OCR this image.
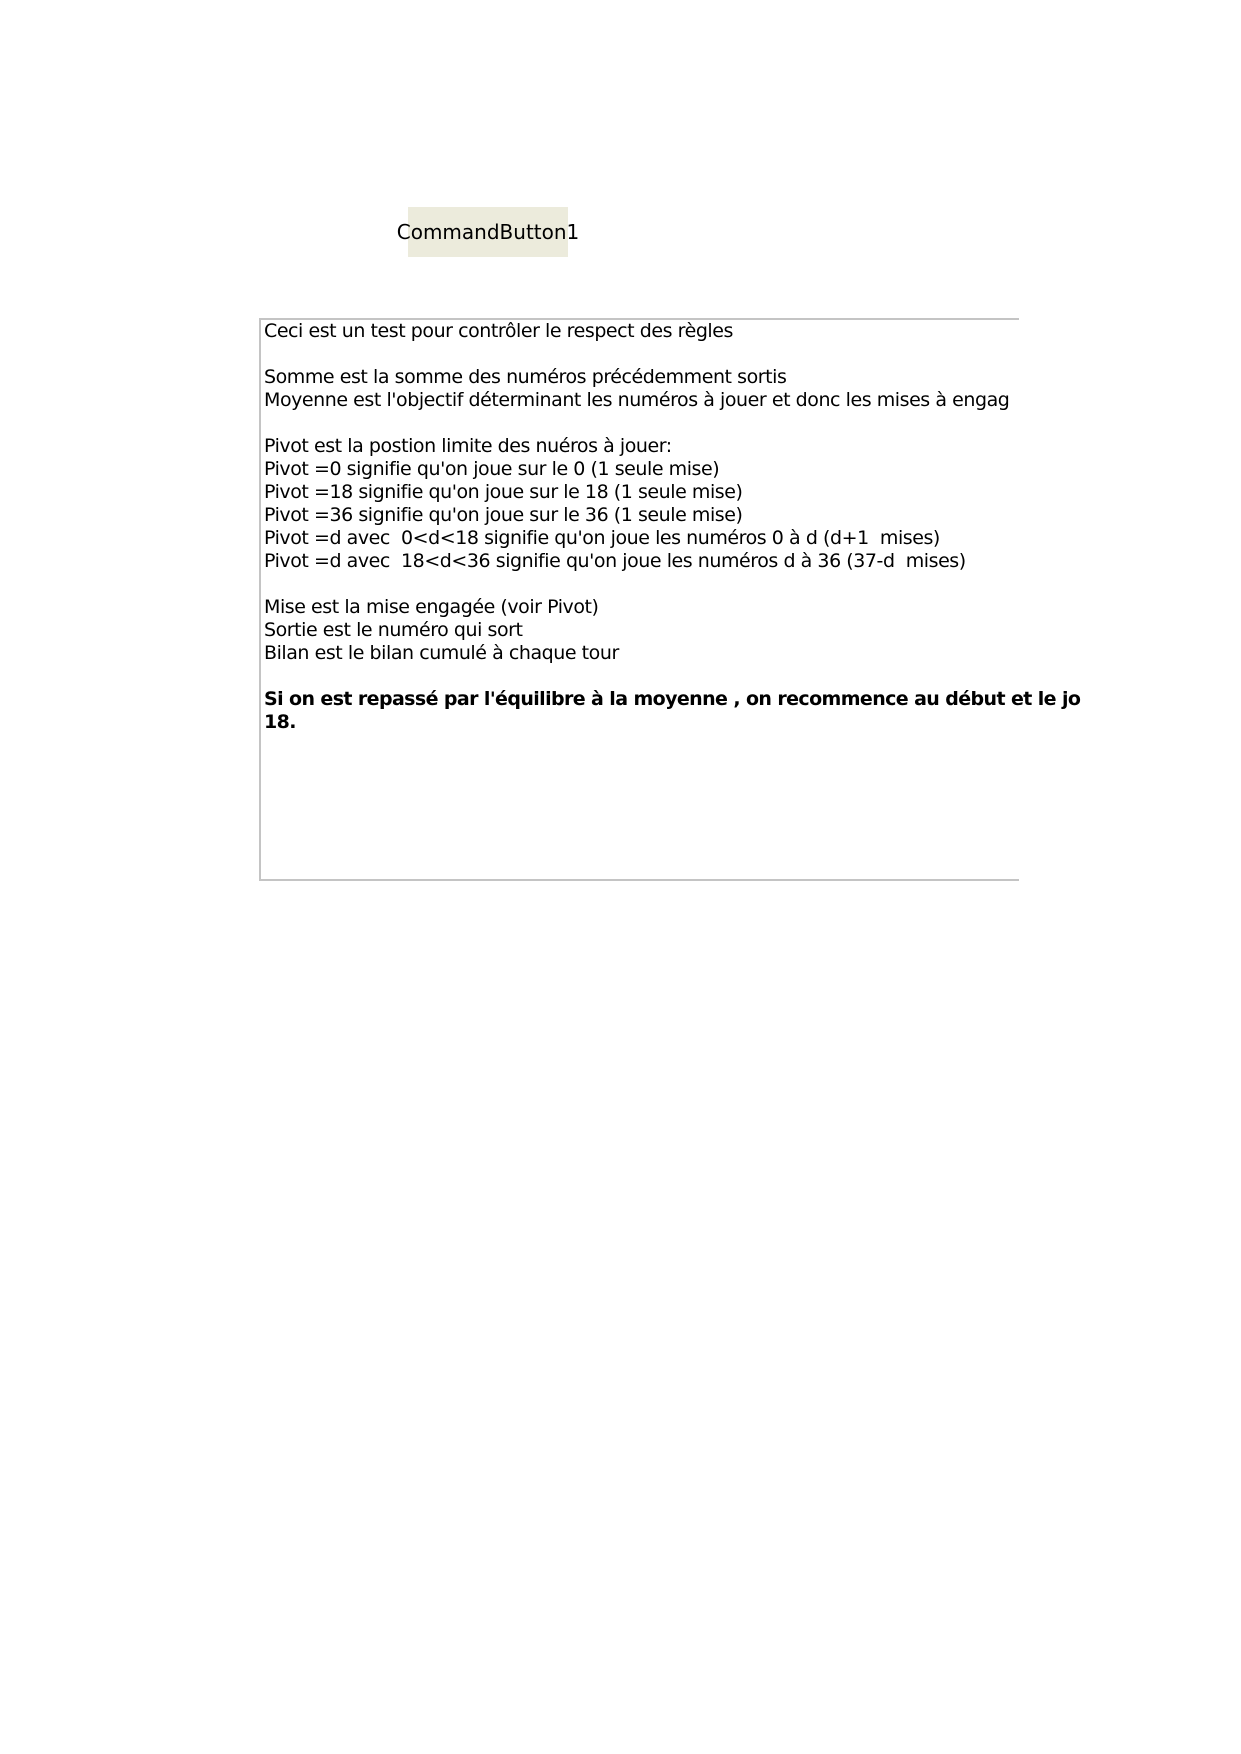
CommandButton1
Ceci est un test pour contrôler le respect des règles
Somme est la somme des numéros précédemment sortis
Moyenne est l'objectif déterminant les numéros à jouer et donc les mises à engag
Pivot est la postion limite des nuéros à jouer:
Pivot =0 signifie qu'on joue sur le 0 (1 seule mise)
Pivot =18 signifie qu'on joue sur le 18 (1 seule mise)
Pivot =36 signifie qu'on joue sur le 36 (1 seule mise)
Pivot =d avec  0<d<18 signifie qu'on joue les numéros 0 à d (d+1  mises)
Pivot =d avec  18<d<36 signifie qu'on joue les numéros d à 36 (37-d  mises)
Mise est la mise engagée (voir Pivot)
Sortie est le numéro qui sort
Bilan est le bilan cumulé à chaque tour
Si on est repassé par l'équilibre à la moyenne , on recommence au début et le jo
18.
